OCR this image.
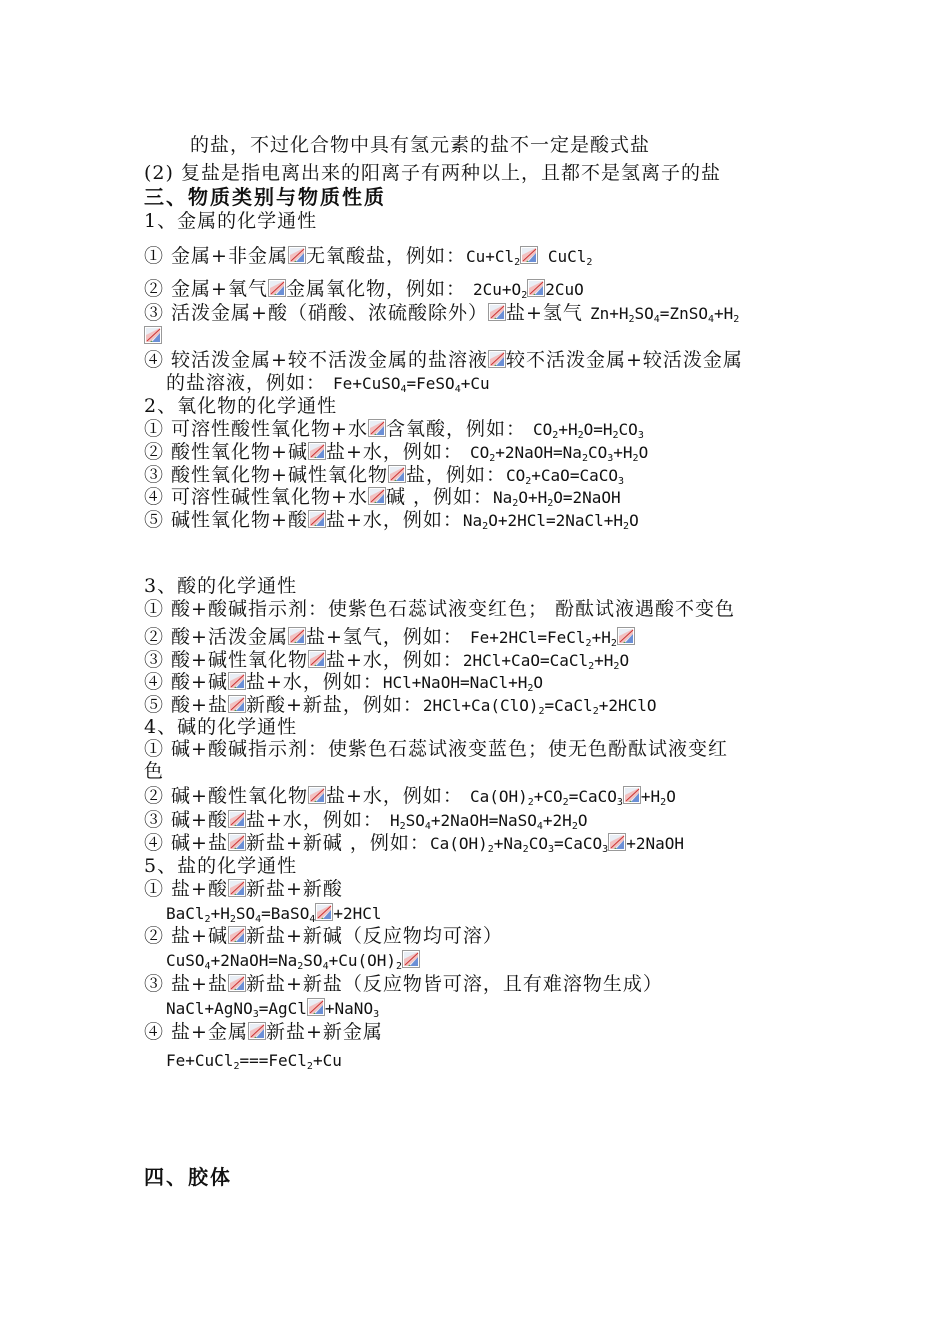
的盐，不过化合物中具有氢元素的盐不一定是酸式盐
(2) 复盐是指电离出来的阳离子有两种以上，且都不是氢离子的盐
三、物质类别与物质性质
1、金属的化学通性
① 金属+非金属 无氧酸盐，例如：$Cu+Cl_2$ CuCl$_2$
② 金属+氧气 金属氧化物，例如： $2Cu+O_2$ 2CuO
③ 活泼金属+酸（硝酸、浓硫酸除外） 盐+氢气 $Zn+H_2SO_4=ZnSO_4+H_2$
④ 较活泼金属+较不活泼金属的盐溶液 较不活泼金属+较活泼金属
的盐溶液，例如： Fe+CuSO$_4$=FeSO$_4$+Cu
2、氧化物的化学通性
① 可溶性酸性氧化物+水 含氧酸，例如： $CO_2+H_2O=H_2CO_3$
② 酸性氧化物+碱 盐+水，例如： $CO_2+2NaOH=Na_2CO_3+H_2O$
③ 酸性氧化物+碱性氧化物 盐，例如：$CO_2+CaO=CaCO_3$
④ 可溶性碱性氧化物+水 碱 ，例如：$Na_2O+H_2O=2NaOH$
⑤ 碱性氧化物+酸 盐+水，例如：$Na_2O+2HCl=2NaCl+H_2O$
3、酸的化学通性
① 酸+酸碱指示剂：使紫色石蕊试液变红色； 酚酞试液遇酸不变色
② 酸+活泼金属 盐+氢气，例如： $Fe+2HCl=FeCl_2+H_2$
③ 酸+碱性氧化物 盐+水，例如：$2HCl+CaO=CaCl_2+H_2O$
④ 酸+碱 盐+水，例如：$HCl+NaOH=NaCl+H_2O$
⑤ 酸+盐 新酸+新盐，例如：$2HCl+Ca(ClO)_2=CaCl_2+2HClO$
4、碱的化学通性
① 碱+酸碱指示剂：使紫色石蕊试液变蓝色；使无色酚酞试液变红
色
② 碱+酸性氧化物 盐+水，例如： $Ca(OH)_2+CO_2=CaCO_3 +H_2O$
③ 碱+酸 盐+水，例如： $H_2SO_4+2NaOH=NaSO_4+2H_2O$
④ 碱+盐 新盐+新碱 ，例如：$Ca(OH)_2+Na_2CO_3=CaCO_3$ +2NaOH
5、盐的化学通性
① 盐+酸 新盐+新酸
$BaCl_2+H_2SO_4=BaSO_4 +2HCl$
② 盐+碱 新盐+新碱（反应物均可溶）
$CuSO_4+2NaOH=Na_2SO_4+Cu(OH)_2$
③ 盐+盐 新盐+新盐（反应物皆可溶，且有难溶物生成）
NaCl+AgNO$_3$=AgCl +NaNO$_3$
④ 盐+金属 新盐+新金属
Fe+CuCl$_2$===FeCl$_2$+Cu
四、胶体
